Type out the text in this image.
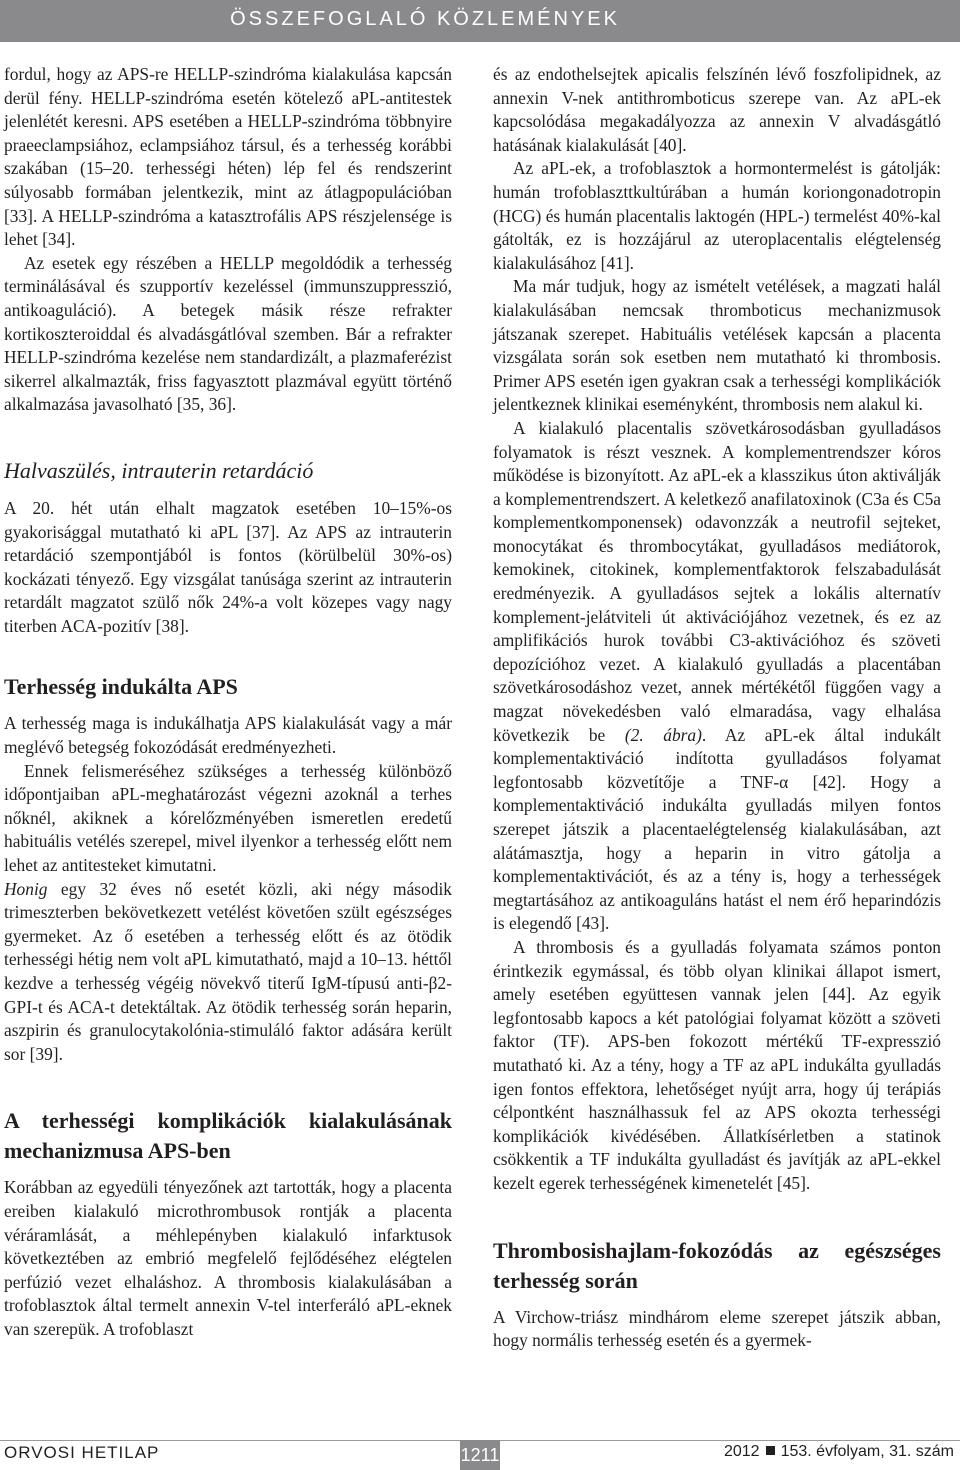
ÖSSZEFOGLALÓ KÖZLEMÉNYEK

fordul, hogy az APS-re HELLP-szindróma kialakulása kapcsán derül fény. HELLP-szindróma esetén kötelező aPL-antitestek jelenlétét keresni. APS esetében a HELLP-szindróma többnyire praeeclampsiához, eclampsiához társul, és a terhesség korábbi szakában (15–20. terhességi héten) lép fel és rendszerint súlyosabb formában jelentkezik, mint az átlagpopulációban [33]. A HELLP-szindróma a katasztrofális APS részjelensége is lehet [34].

Az esetek egy részében a HELLP megoldódik a terhesség terminálásával és szupportív kezeléssel (immunszuppresszió, antikoaguláció). A betegek másik része refrakter kortikoszteroiddal és alvadásgátlóval szemben. Bár a refrakter HELLP-szindróma kezelése nem standardizált, a plazmaferézist sikerrel alkalmazták, friss fagyasztott plazmával együtt történő alkalmazása javasolható [35, 36].

Halvaszülés, intrauterin retardáció

A 20. hét után elhalt magzatok esetében 10–15%-os gyakorisággal mutatható ki aPL [37]. Az APS az intrauterin retardáció szempontjából is fontos (körülbelül 30%-os) kockázati tényező. Egy vizsgálat tanúsága szerint az intrauterin retardált magzatot szülő nők 24%-a volt közepes vagy nagy titerben ACA-pozitív [38].

Terhesség indukálta APS

A terhesség maga is indukálhatja APS kialakulását vagy a már meglévő betegség fokozódását eredményezheti.

Ennek felismeréséhez szükséges a terhesség különböző időpontjaiban aPL-meghatározást végezni azoknál a terhes nőknél, akiknek a kórelőzményében ismeretlen eredetű habituális vetélés szerepel, mivel ilyenkor a terhesség előtt nem lehet az antitesteket kimutatni.

Honig egy 32 éves nő esetét közli, aki négy második trimeszterben bekövetkezett vetélést követően szült egészséges gyermeket. Az ő esetében a terhesség előtt és az ötödik terhességi hétig nem volt aPL kimutatható, majd a 10–13. héttől kezdve a terhesség végéig növekvő titerű IgM-típusú anti-β2-GPI-t és ACA-t detektáltak. Az ötödik terhesség során heparin, aszpirin és granulocytakolónia-stimuláló faktor adására került sor [39].

A terhességi komplikációk kialakulásának mechanizmusa APS-ben

Korábban az egyedüli tényezőnek azt tartották, hogy a placenta ereiben kialakuló microthrombusok rontják a placenta véráramlását, a méhlepényben kialakuló infarktusok következtében az embrió megfelelő fejlődéséhez elégtelen perfúzió vezet elhaláshoz. A thrombosis kialakulásában a trofoblasztok által termelt annexin V-tel interferáló aPL-eknek van szerepük. A trofoblaszt

és az endothelsejtek apicalis felszínén lévő foszfolipidnek, az annexin V-nek antithromboticus szerepe van. Az aPL-ek kapcsolódása megakadályozza az annexin V alvadásgátló hatásának kialakulását [40].

Az aPL-ek, a trofoblasztok a hormontermelést is gátolják: humán trofoblaszttkultúrában a humán koriongonadotropin (HCG) és humán placentalis laktogén (HPL-) termelést 40%-kal gátolták, ez is hozzájárul az uteroplacentalis elégtelenség kialakulásához [41].

Ma már tudjuk, hogy az ismételt vetélések, a magzati halál kialakulásában nemcsak thromboticus mechanizmusok játszanak szerepet. Habituális vetélések kapcsán a placenta vizsgálata során sok esetben nem mutatható ki thrombosis. Primer APS esetén igen gyakran csak a terhességi komplikációk jelentkeznek klinikai eseményként, thrombosis nem alakul ki.

A kialakuló placentalis szövetkárosodásban gyulladásos folyamatok is részt vesznek. A komplementrendszer kóros működése is bizonyított. Az aPL-ek a klasszikus úton aktiválják a komplementrendszert. A keletkező anafilatoxinok (C3a és C5a komplementkomponensek) odavonzzák a neutrofil sejteket, monocytákat és thrombocytákat, gyulladásos mediátorok, kemokinek, citokinek, komplementfaktorok felszabadulását eredményezik. A gyulladásos sejtek a lokális alternatív komplement-jelátviteli út aktivációjához vezetnek, és ez az amplifikációs hurok további C3-aktivációhoz és szöveti depozícióhoz vezet. A kialakuló gyulladás a placentában szövetkárosodáshoz vezet, annek mértékétől függően vagy a magzat növekedésben való elmaradása, vagy elhalása következik be (2. ábra). Az aPL-ek által indukált komplementaktiváció indította gyulladásos folyamat legfontosabb közvetítője a TNF-α [42]. Hogy a komplementaktiváció indukálta gyulladás milyen fontos szerepet játszik a placentaelégtelenség kialakulásában, azt alátámasztja, hogy a heparin in vitro gátolja a komplementaktivációt, és az a tény is, hogy a terhességek megtartásához az antikoaguláns hatást el nem érő heparindózis is elegendő [43].

A thrombosis és a gyulladás folyamata számos ponton érintkezik egymással, és több olyan klinikai állapot ismert, amely esetében együttesen vannak jelen [44]. Az egyik legfontosabb kapocs a két patológiai folyamat között a szöveti faktor (TF). APS-ben fokozott mértékű TF-expresszió mutatható ki. Az a tény, hogy a TF az aPL indukálta gyulladás igen fontos effektora, lehetőséget nyújt arra, hogy új terápiás célpontként használhassuk fel az APS okozta terhességi komplikációk kivédésében. Állatkísérletben a statinok csökkentik a TF indukálta gyulladást és javítják az aPL-ekkel kezelt egerek terhességének kimenetelét [45].

Thrombosishajlam-fokozódás az egészséges terhesség során

A Virchow-triász mindhárom eleme szerepet játszik abban, hogy normális terhesség esetén és a gyermek-

ORVOSI HETILAP	1211	2012 153. évfolyam, 31. szám
